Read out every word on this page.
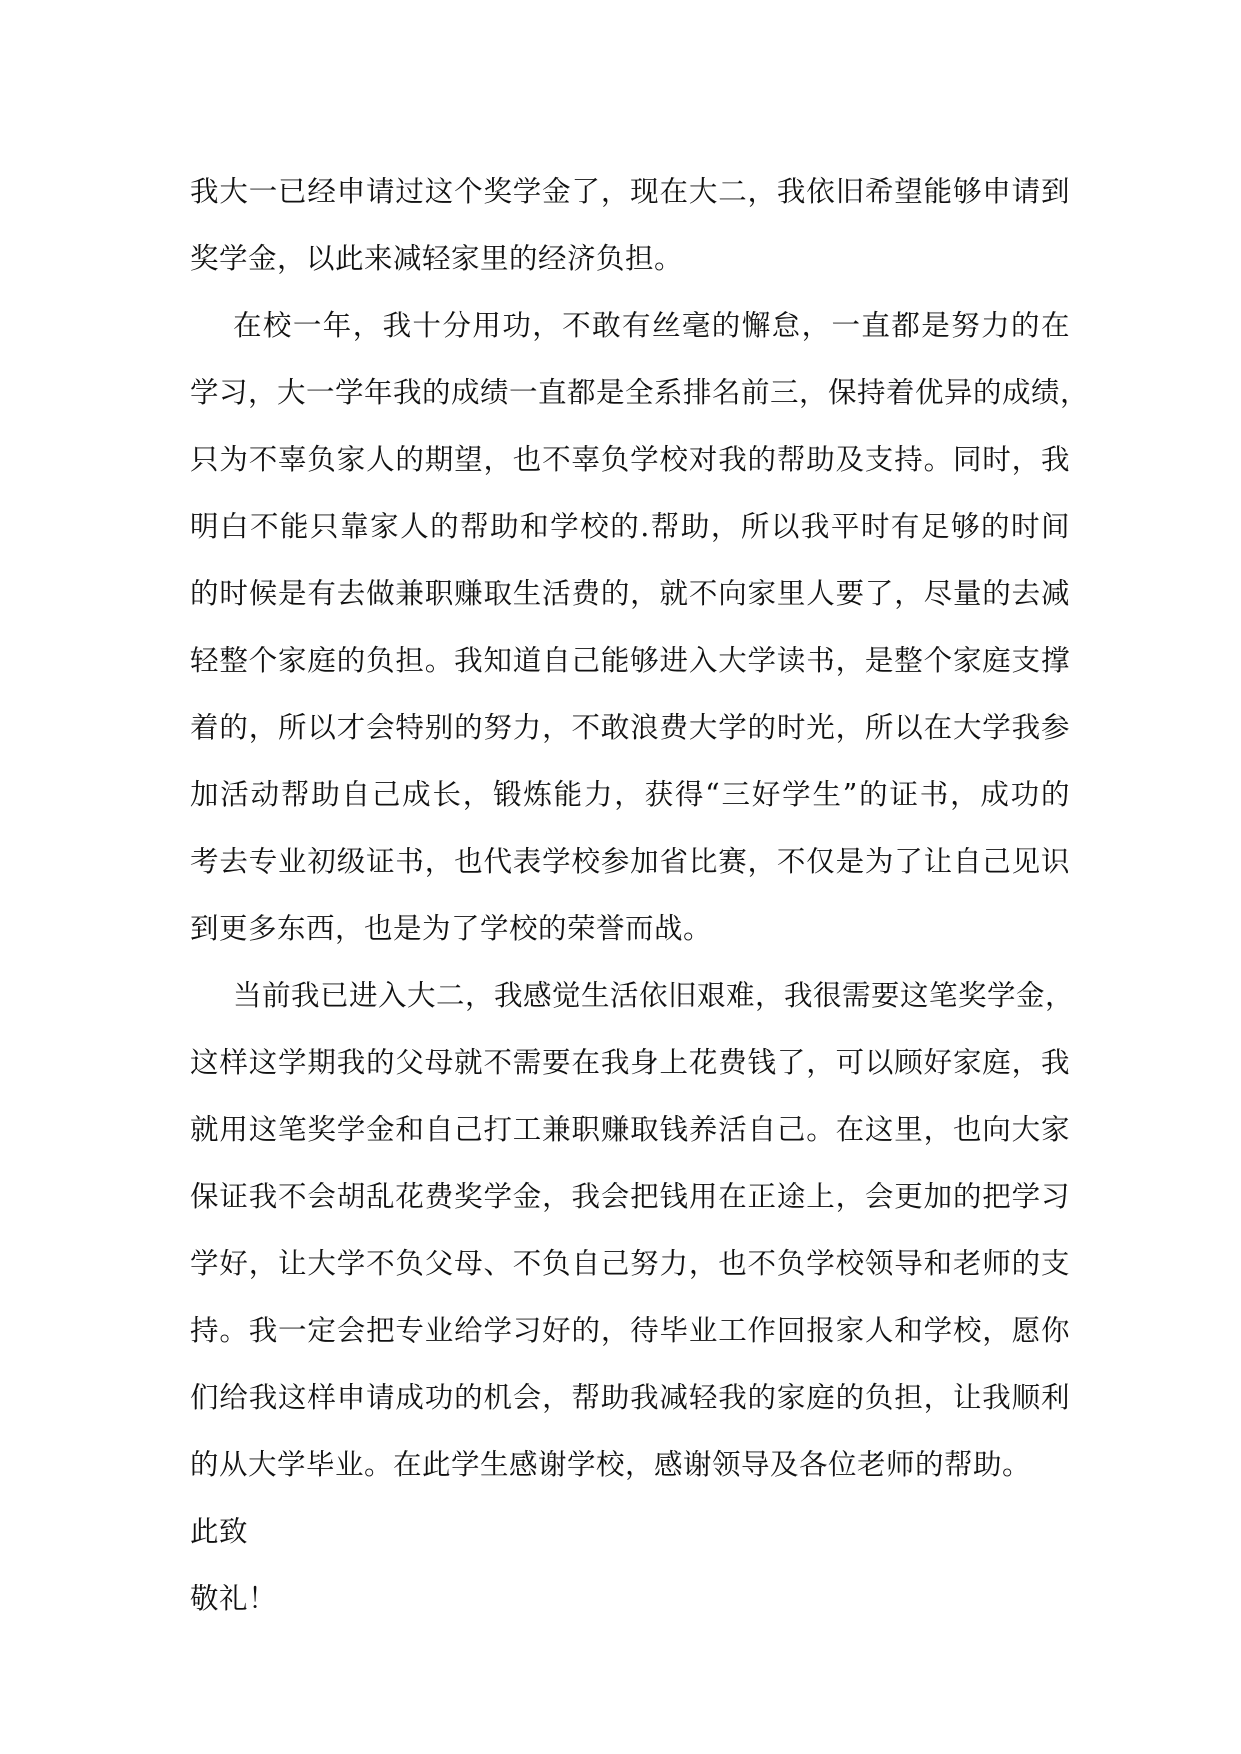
我大一已经申请过这个奖学金了，现在大二，我依旧希望能够申请到
奖学金，以此来减轻家里的经济负担。
在校一年，我十分用功，不敢有丝毫的懈怠，一直都是努力的在
学习，大一学年我的成绩一直都是全系排名前三，保持着优异的成绩，
只为不辜负家人的期望，也不辜负学校对我的帮助及支持。同时，我
明白不能只靠家人的帮助和学校的.帮助，所以我平时有足够的时间
的时候是有去做兼职赚取生活费的，就不向家里人要了，尽量的去减
轻整个家庭的负担。我知道自己能够进入大学读书，是整个家庭支撑
着的，所以才会特别的努力，不敢浪费大学的时光，所以在大学我参
加活动帮助自己成长，锻炼能力，获得“三好学生”的证书，成功的
考去专业初级证书，也代表学校参加省比赛，不仅是为了让自己见识
到更多东西，也是为了学校的荣誉而战。
当前我已进入大二，我感觉生活依旧艰难，我很需要这笔奖学金，
这样这学期我的父母就不需要在我身上花费钱了，可以顾好家庭，我
就用这笔奖学金和自己打工兼职赚取钱养活自己。在这里，也向大家
保证我不会胡乱花费奖学金，我会把钱用在正途上，会更加的把学习
学好，让大学不负父母、不负自己努力，也不负学校领导和老师的支
持。我一定会把专业给学习好的，待毕业工作回报家人和学校，愿你
们给我这样申请成功的机会，帮助我减轻我的家庭的负担，让我顺利
的从大学毕业。在此学生感谢学校，感谢领导及各位老师的帮助。
此致
敬礼！
